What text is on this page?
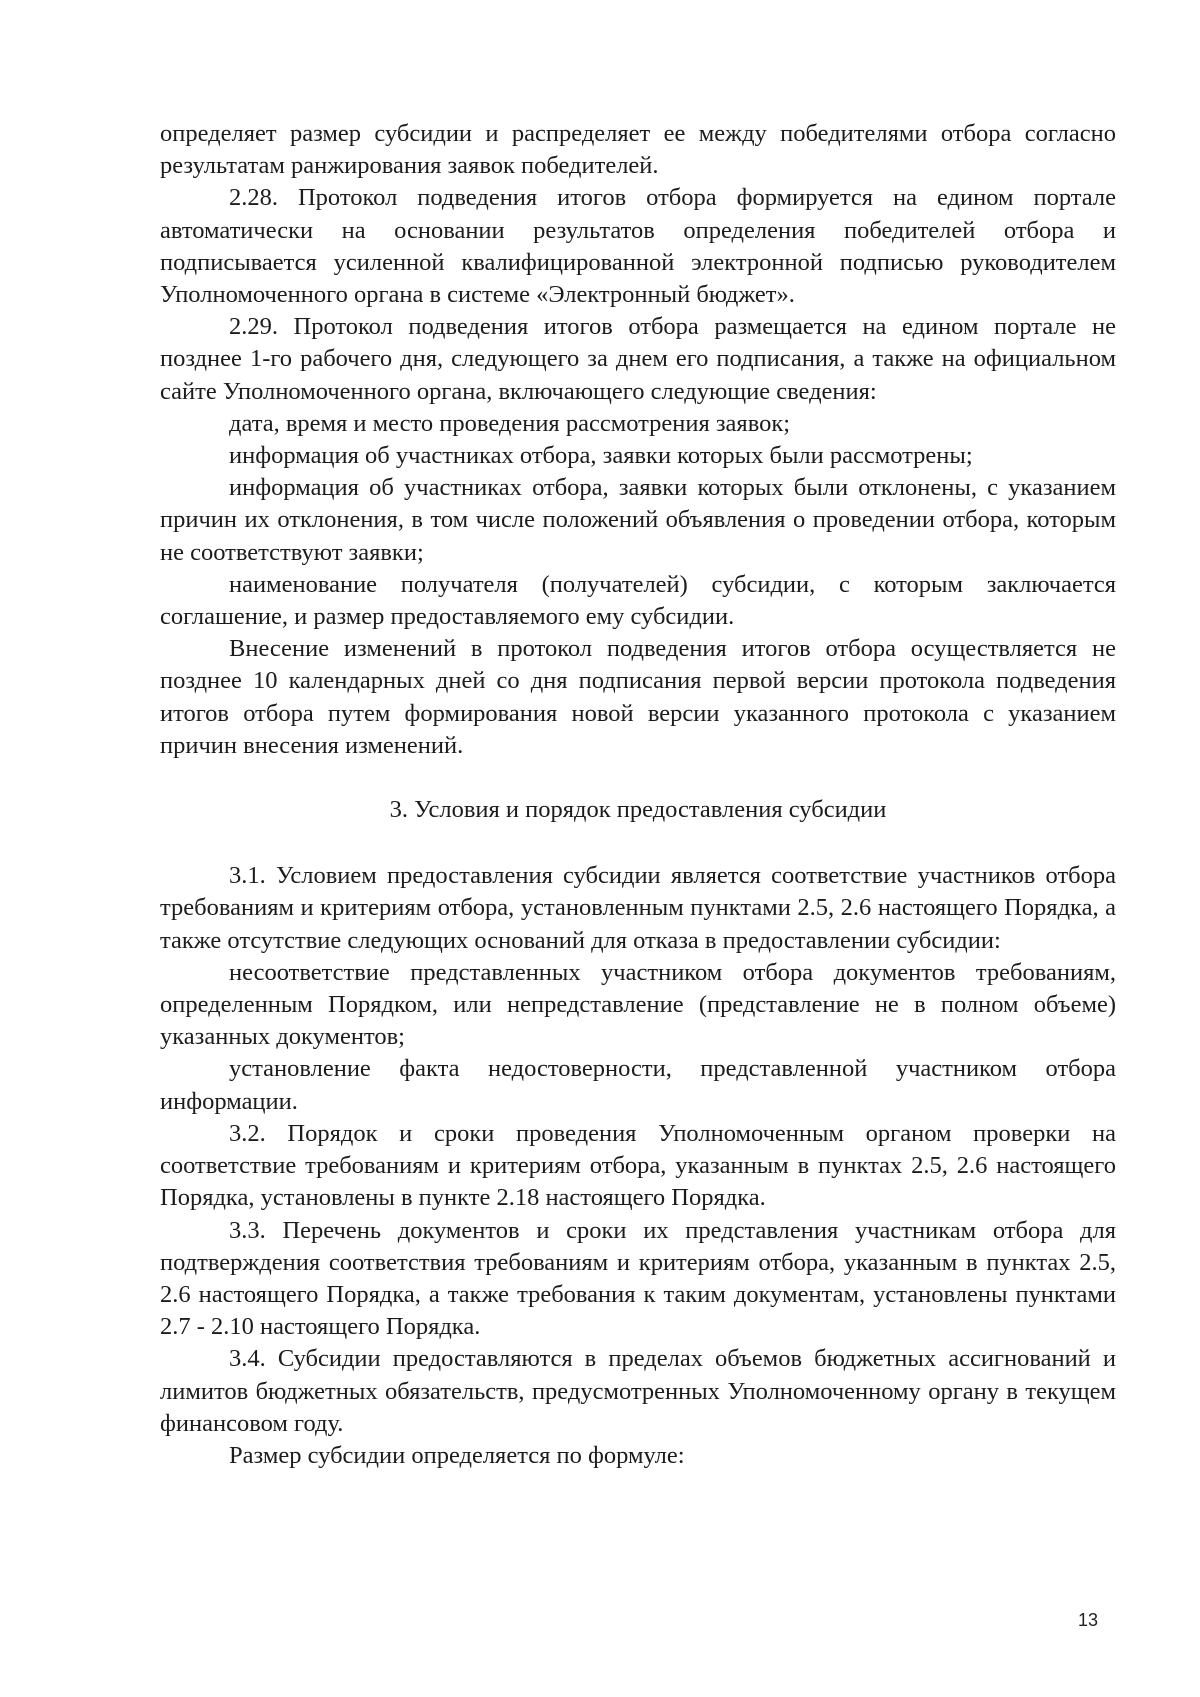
определяет размер субсидии и распределяет ее между победителями отбора согласно результатам ранжирования заявок победителей.

2.28. Протокол подведения итогов отбора формируется на едином портале автоматически на основании результатов определения победителей отбора и подписывается усиленной квалифицированной электронной подписью руководителем Уполномоченного органа в системе «Электронный бюджет».

2.29. Протокол подведения итогов отбора размещается на едином портале не позднее 1-го рабочего дня, следующего за днем его подписания, а также на официальном сайте Уполномоченного органа, включающего следующие сведения:

дата, время и место проведения рассмотрения заявок;

информация об участниках отбора, заявки которых были рассмотрены;

информация об участниках отбора, заявки которых были отклонены, с указанием причин их отклонения, в том числе положений объявления о проведении отбора, которым не соответствуют заявки;

наименование получателя (получателей) субсидии, с которым заключается соглашение, и размер предоставляемого ему субсидии.

Внесение изменений в протокол подведения итогов отбора осуществляется не позднее 10 календарных дней со дня подписания первой версии протокола подведения итогов отбора путем формирования новой версии указанного протокола с указанием причин внесения изменений.

3. Условия и порядок предоставления субсидии

3.1. Условием предоставления субсидии является соответствие участников отбора требованиям и критериям отбора, установленным пунктами 2.5, 2.6 настоящего Порядка, а также отсутствие следующих оснований для отказа в предоставлении субсидии:

несоответствие представленных участником отбора документов требованиям, определенным Порядком, или непредставление (представление не в полном объеме) указанных документов;

установление факта недостоверности, представленной участником отбора информации.

3.2. Порядок и сроки проведения Уполномоченным органом проверки на соответствие требованиям и критериям отбора, указанным в пунктах 2.5, 2.6 настоящего Порядка, установлены в пункте 2.18 настоящего Порядка.

3.3. Перечень документов и сроки их представления участникам отбора для подтверждения соответствия требованиям и критериям отбора, указанным в пунктах 2.5, 2.6 настоящего Порядка, а также требования к таким документам, установлены пунктами 2.7 - 2.10 настоящего Порядка.

3.4. Субсидии предоставляются в пределах объемов бюджетных ассигнований и лимитов бюджетных обязательств, предусмотренных Уполномоченному органу в текущем финансовом году.

Размер субсидии определяется по формуле:

13
